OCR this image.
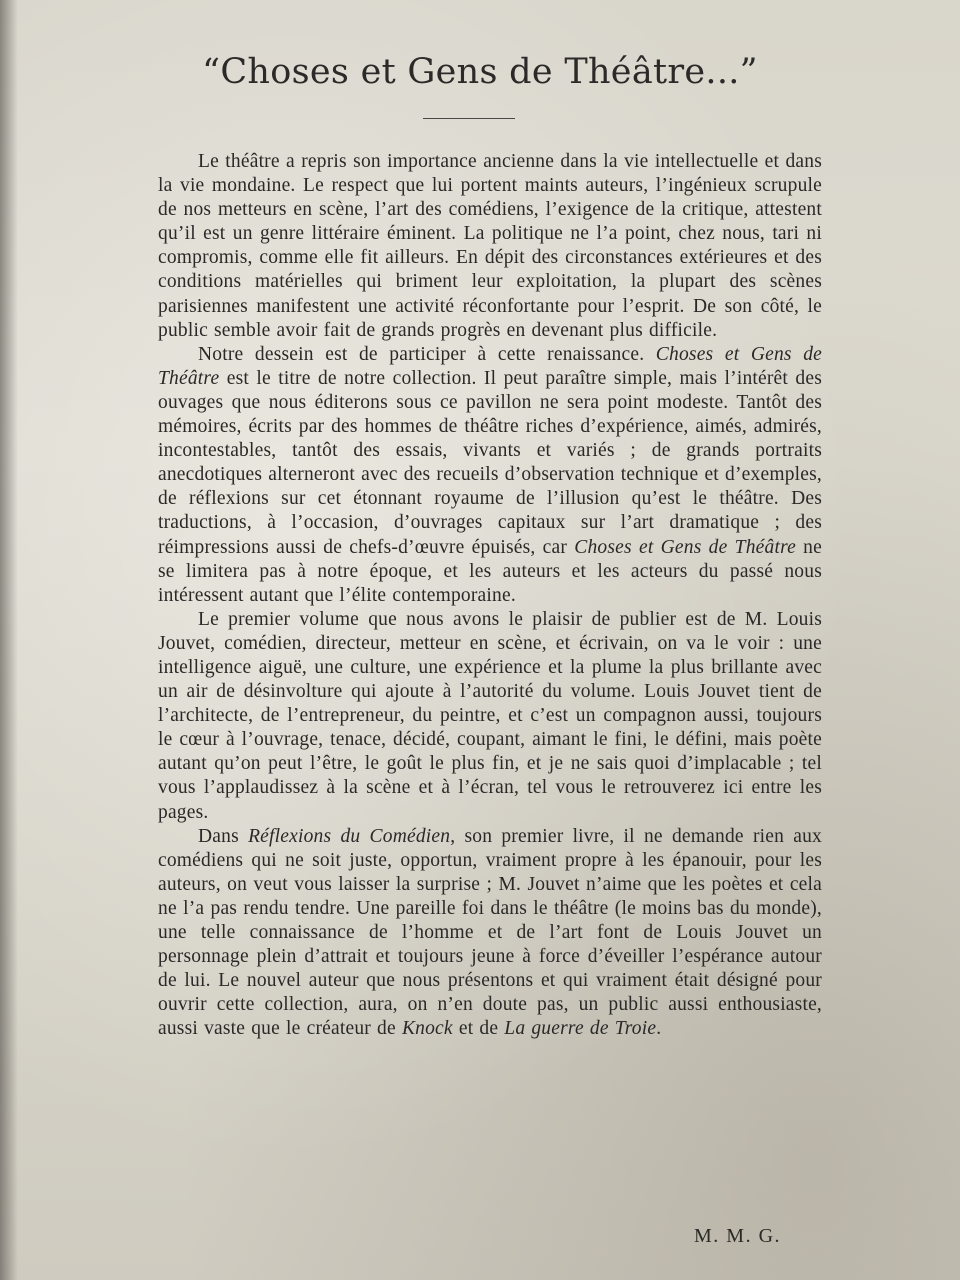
“Choses et Gens de Théâtre...”

Le théâtre a repris son importance ancienne dans la vie intellectuelle et dans la vie mondaine. Le respect que lui portent maints auteurs, l’ingénieux scrupule de nos metteurs en scène, l’art des comédiens, l’exigence de la critique, attestent qu’il est un genre littéraire éminent. La politique ne l’a point, chez nous, tari ni compromis, comme elle fit ailleurs. En dépit des circonstances extérieures et des conditions matérielles qui briment leur exploitation, la plupart des scènes parisiennes manifestent une activité réconfortante pour l’esprit. De son côté, le public semble avoir fait de grands progrès en devenant plus difficile.

Notre dessein est de participer à cette renaissance. Choses et Gens de Théâtre est le titre de notre collection. Il peut paraître simple, mais l’intérêt des ouvages que nous éditerons sous ce pavillon ne sera point modeste. Tantôt des mémoires, écrits par des hommes de théâtre riches d’expérience, aimés, admirés, incontestables, tantôt des essais, vivants et variés ; de grands portraits anecdotiques alterneront avec des recueils d’observation technique et d’exemples, de réflexions sur cet étonnant royaume de l’illusion qu’est le théâtre. Des traductions, à l’occasion, d’ouvrages capitaux sur l’art dramatique ; des réimpressions aussi de chefs-d’œuvre épuisés, car Choses et Gens de Théâtre ne se limitera pas à notre époque, et les auteurs et les acteurs du passé nous intéressent autant que l’élite contemporaine.

Le premier volume que nous avons le plaisir de publier est de M. Louis Jouvet, comédien, directeur, metteur en scène, et écrivain, on va le voir : une intelligence aiguë, une culture, une expérience et la plume la plus brillante avec un air de désinvolture qui ajoute à l’autorité du volume. Louis Jouvet tient de l’architecte, de l’entrepreneur, du peintre, et c’est un compagnon aussi, toujours le cœur à l’ouvrage, tenace, décidé, coupant, aimant le fini, le défini, mais poète autant qu’on peut l’être, le goût le plus fin, et je ne sais quoi d’implacable ; tel vous l’applaudissez à la scène et à l’écran, tel vous le retrouverez ici entre les pages.

Dans Réflexions du Comédien, son premier livre, il ne demande rien aux comédiens qui ne soit juste, opportun, vraiment propre à les épanouir, pour les auteurs, on veut vous laisser la surprise ; M. Jouvet n’aime que les poètes et cela ne l’a pas rendu tendre. Une pareille foi dans le théâtre (le moins bas du monde), une telle connaissance de l’homme et de l’art font de Louis Jouvet un personnage plein d’attrait et toujours jeune à force d’éveiller l’espérance autour de lui. Le nouvel auteur que nous présentons et qui vraiment était désigné pour ouvrir cette collection, aura, on n’en doute pas, un public aussi enthousiaste, aussi vaste que le créateur de Knock et de La guerre de Troie.

M. M. G.
